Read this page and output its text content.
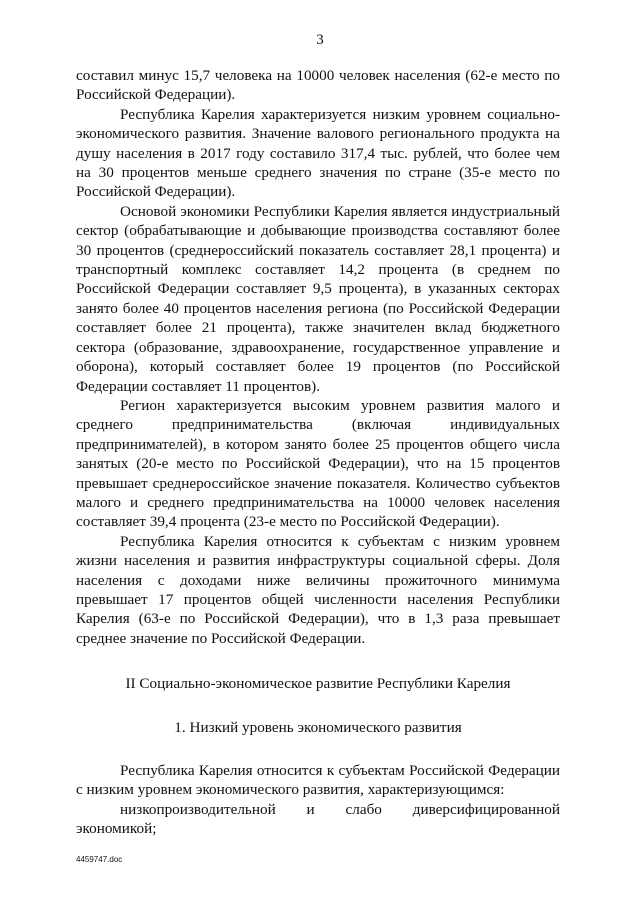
3

составил минус 15,7 человека на 10000 человек населения (62-е место по Российской Федерации).

Республика Карелия характеризуется низким уровнем социально-экономического развития. Значение валового регионального продукта на душу населения в 2017 году составило 317,4 тыс. рублей, что более чем на 30 процентов меньше среднего значения по стране (35-е место по Российской Федерации).

Основой экономики Республики Карелия является индустриальный сектор (обрабатывающие и добывающие производства составляют более 30 процентов (среднероссийский показатель составляет 28,1 процента) и транспортный комплекс составляет 14,2 процента (в среднем по Российской Федерации составляет 9,5 процента), в указанных секторах занято более 40 процентов населения региона (по Российской Федерации составляет более 21 процента), также значителен вклад бюджетного сектора (образование, здравоохранение, государственное управление и оборона), который составляет более 19 процентов (по Российской Федерации составляет 11 процентов).

Регион характеризуется высоким уровнем развития малого и среднего предпринимательства (включая индивидуальных предпринимателей), в котором занято более 25 процентов общего числа занятых (20-е место по Российской Федерации), что на 15 процентов превышает среднероссийское значение показателя. Количество субъектов малого и среднего предпринимательства на 10000 человек населения составляет 39,4 процента (23-е место по Российской Федерации).

Республика Карелия относится к субъектам с низким уровнем жизни населения и развития инфраструктуры социальной сферы. Доля населения с доходами ниже величины прожиточного минимума превышает 17 процентов общей численности населения Республики Карелия (63-е по Российской Федерации), что в 1,3 раза превышает среднее значение по Российской Федерации.

II Социально-экономическое развитие Республики Карелия

1. Низкий уровень экономического развития

Республика Карелия относится к субъектам Российской Федерации с низким уровнем экономического развития, характеризующимся:

низкопроизводительной и слабо диверсифицированной экономикой;

4459747.doc
